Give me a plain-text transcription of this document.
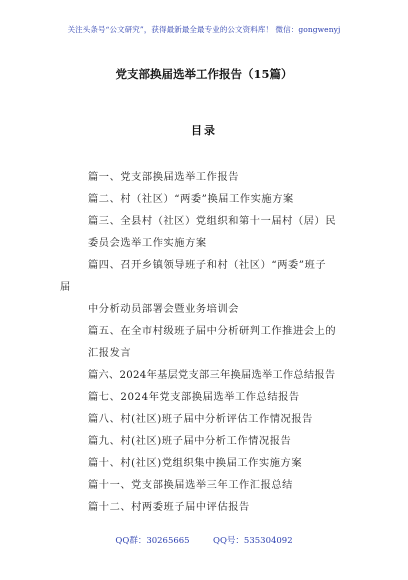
关注头条号“公文研究”，获得最新最全最专业的公文资料库！ 微信：gongwenyj
党支部换届选举工作报告（15篇）
目录
篇一、党支部换届选举工作报告
篇二、村（社区）“两委”换届工作实施方案
篇三、全县村（社区）党组织和第十一届村（居）民
委员会选举工作实施方案
篇四、召开乡镇领导班子和村（社区）“两委”班子
届
中分析动员部署会暨业务培训会
篇五、在全市村级班子届中分析研判工作推进会上的
汇报发言
篇六、2024年基层党支部三年换届选举工作总结报告
篇七、2024年党支部换届选举工作总结报告
篇八、村(社区)班子届中分析评估工作情况报告
篇九、村(社区)班子届中分析工作情况报告
篇十、村(社区)党组织集中换届工作实施方案
篇十一、党支部换届选举三年工作汇报总结
篇十二、村两委班子届中评估报告
QQ群：30265665	QQ号：535304092
